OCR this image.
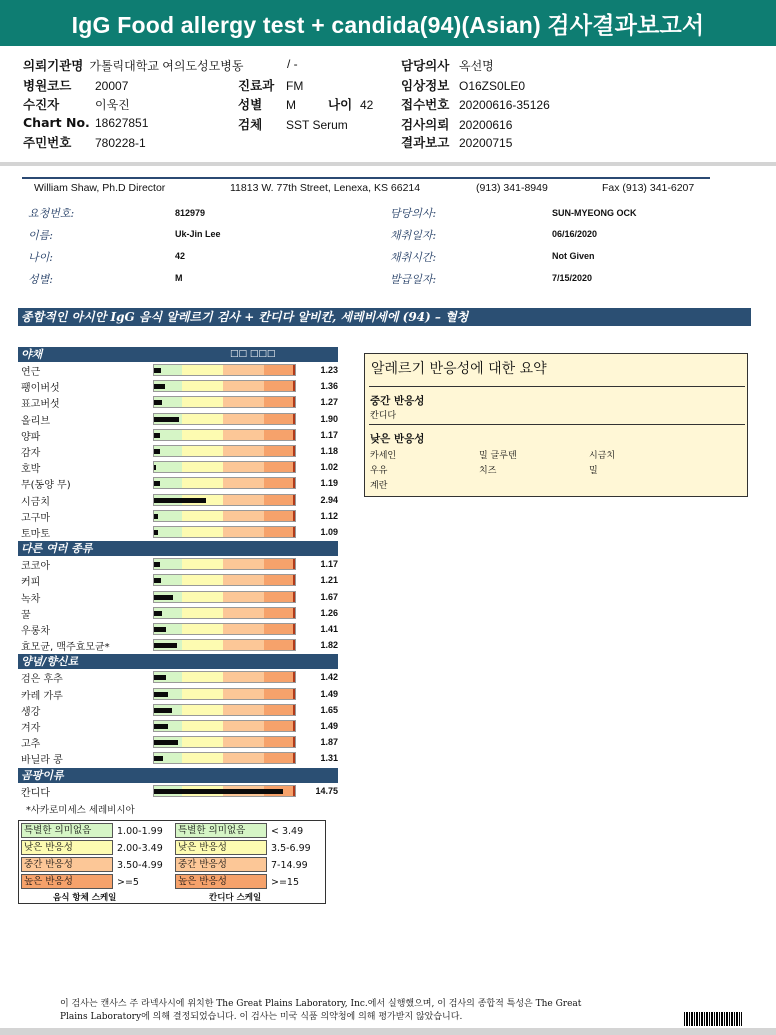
IgG Food allergy test + candida(94)(Asian) 검사결과보고서
의뢰기관명 가톨릭대학교 여의도성모병동	/ -
병원코드 20007
수진자	이욱진
Chart No. 18627851
주민번호 780228-1
진료과 FM
성별 M	나이 42
검체 SST Serum
담당의사 옥선명
임상정보 O16ZS0LE0
접수번호 20200616-35126
검사의뢰 20200616
결과보고 20200715
William Shaw, Ph.D Director	11813 W. 77th Street, Lenexa, KS 66214	(913) 341-8949	Fax (913) 341-6207
요청번호:	812979
이름:	Uk-Jin Lee
나이:	42
성별:	M
담당의사:	SUN-MYEONG OCK
채취일자:	06/16/2020
채취시간:	Not Given
발급일자:	7/15/2020
종합적인 아시안 IgG 음식 알레르기 검사 + 칸디다 알비칸, 세레비세에 (94) – 혈청
야채
연근	1.23
팽이버섯	1.36
표고버섯	1.27
올리브	1.90
양파	1.17
감자	1.18
호박	1.02
무(동양 무)	1.19
시금치	2.94
고구마	1.12
토마토	1.09
다른 여러 종류
코코아	1.17
커피	1.21
녹차	1.67
꿀	1.26
우롱차	1.41
효모균, 맥주효모균*	1.82
양념/향신료
검은 후추	1.42
카레 가루	1.49
생강	1.65
겨자	1.49
고추	1.87
바닐라 콩	1.31
곰팡이류
칸디다	14.75
□□ □□□
알레르기 반응성에 대한 요약
중간 반응성
칸디다
낮은 반응성
카세인	밀 글루텐	시금치
우유	치즈	밀
계란
*사카로미세스 세레비시아
특별한 의미없음	1.00-1.99
낮은 반응성	2.00-3.49
중간 반응성	3.50-4.99
높은 반응성	>=5
특별한 의미없음	< 3.49
낮은 반응성	3.5-6.99
중간 반응성	7-14.99
높은 반응성	>=15
음식 항체 스케일	칸디다 스케일
이 검사는 캔사스 주 라넥사시에 위치한 The Great Plains Laboratory, Inc.에서 실행했으며, 이 검사의 종합적 특성은 The Great
Plains Laboratory에 의해 결정되었습니다. 이 검사는 미국 식품 의약청에 의해 평가받지 않았습니다.
